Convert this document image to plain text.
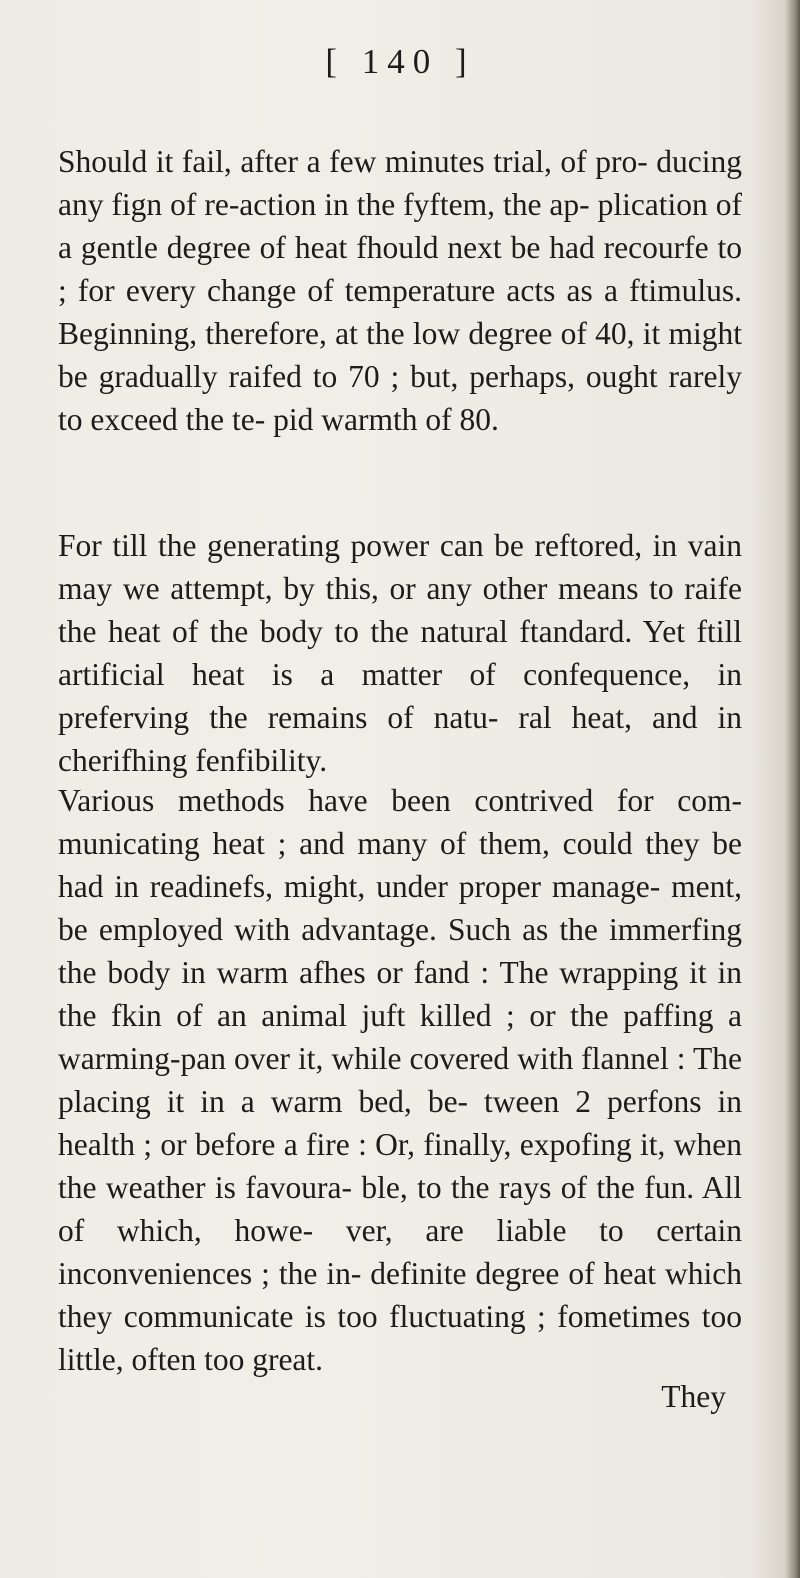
[ 140 ]

Should it fail, after a few minutes trial, of pro- ducing any fign of re-action in the fyftem, the ap- plication of a gentle degree of heat fhould next be had recourfe to ; for every change of temperature acts as a ftimulus. Beginning, therefore, at the low degree of 40, it might be gradually raifed to 70 ; but, perhaps, ought rarely to exceed the te- pid warmth of 80.

For till the generating power can be reftored, in vain may we attempt, by this, or any other means to raife the heat of the body to the natural ftandard. Yet ftill artificial heat is a matter of confequence, in preferving the remains of natu- ral heat, and in cherifhing fenfibility.

Various methods have been contrived for com- municating heat ; and many of them, could they be had in readinefs, might, under proper manage- ment, be employed with advantage. Such as the immerfing the body in warm afhes or fand : The wrapping it in the fkin of an animal juft killed ; or the paffing a warming-pan over it, while covered with flannel : The placing it in a warm bed, be- tween 2 perfons in health ; or before a fire : Or, finally, expofing it, when the weather is favoura- ble, to the rays of the fun. All of which, howe- ver, are liable to certain inconveniences ; the in- definite degree of heat which they communicate is too fluctuating ; fometimes too little, often too great.

They
